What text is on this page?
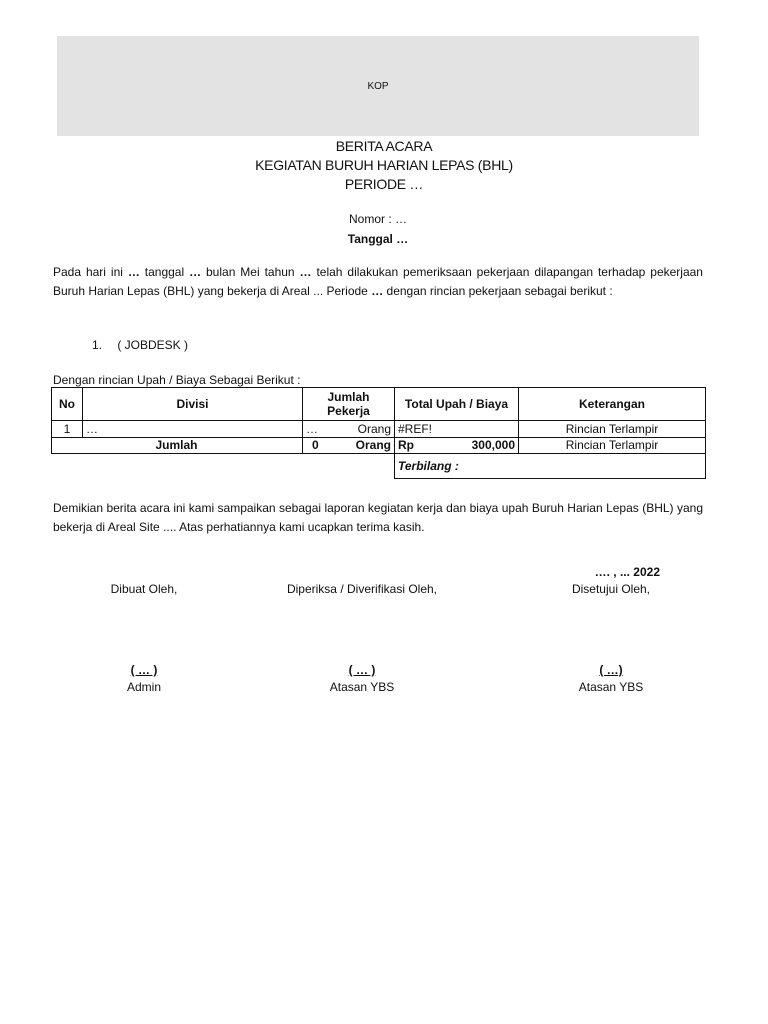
KOP
BERITA ACARA
KEGIATAN BURUH HARIAN LEPAS (BHL)
PERIODE …
Nomor : …
Tanggal …
Pada hari ini … tanggal … bulan Mei tahun … telah dilakukan pemeriksaan pekerjaan dilapangan terhadap pekerjaan Buruh Harian Lepas (BHL) yang bekerja di Areal ... Periode … dengan rincian pekerjaan sebagai berikut :
1. ( JOBDESK )
Dengan rincian Upah / Biaya Sebagai Berikut :
No	Divisi	Jumlah Pekerja	Total Upah / Biaya	Keterangan
1	…	… Orang	#REF!	Rincian Terlampir
Jumlah		0 Orang	Rp 300,000	Rincian Terlampir
			Terbilang :	
Demikian berita acara ini kami sampaikan sebagai laporan kegiatan kerja dan biaya upah Buruh Harian Lepas (BHL) yang bekerja di Areal Site .... Atas perhatiannya kami ucapkan terima kasih.
…. , ... 2022
Dibuat Oleh,
( … )
Admin
Diperiksa / Diverifikasi Oleh,
( … )
Atasan YBS
Disetujui Oleh,
( …)
Atasan YBS
